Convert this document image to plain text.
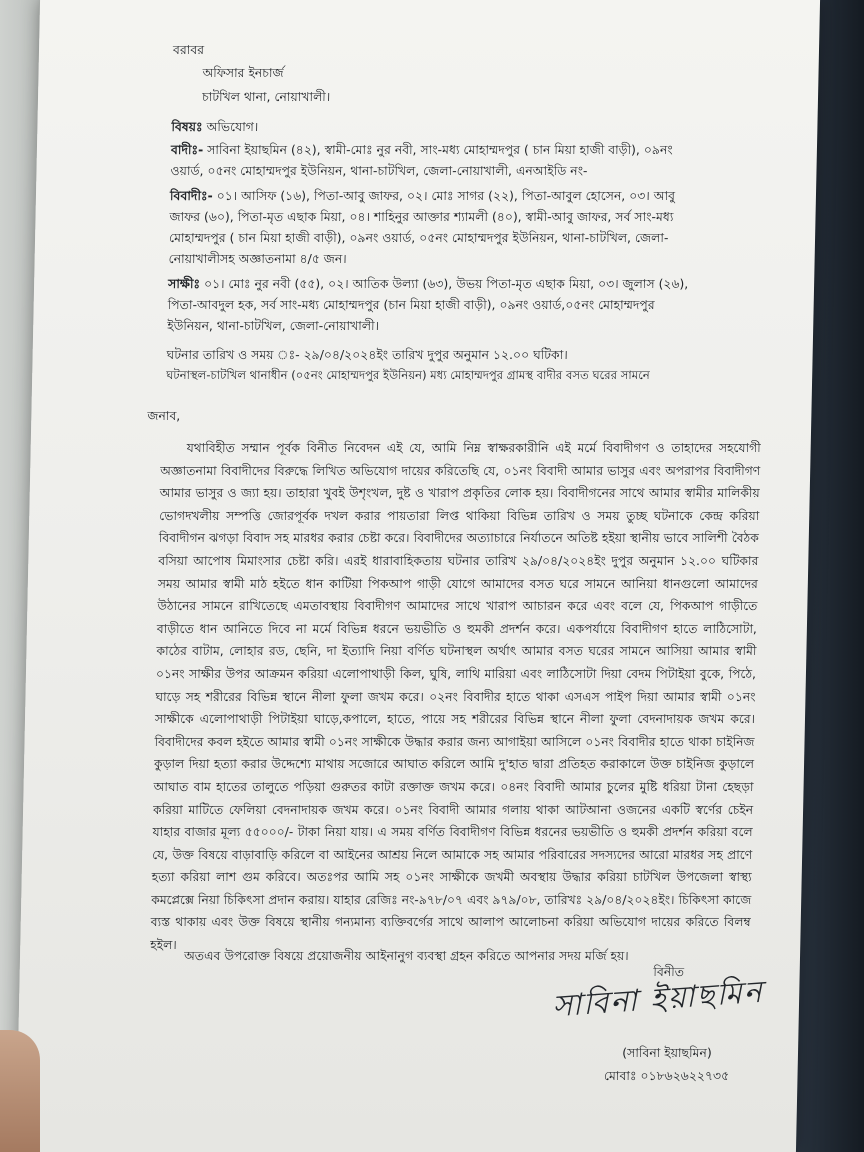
বরাবর
অফিসার ইনচার্জ
চাটখিল থানা, নোয়াখালী।
বিষয়ঃ অভিযোগ।
বাদীঃ- সাবিনা ইয়াছমিন (৪২), স্বামী-মোঃ নুর নবী, সাং-মধ্য মোহাম্মদপুর ( চান মিয়া হাজী বাড়ী), ০৯নং
ওয়ার্ড, ০৫নং মোহাম্মদপুর ইউনিয়ন, থানা-চাটখিল, জেলা-নোয়াখালী, এনআইডি নং-
বিবাদীঃ- ০১। আসিফ (১৬), পিতা-আবু জাফর, ০২। মোঃ সাগর (২২), পিতা-আবুল হোসেন, ০৩। আবু
জাফর (৬০), পিতা-মৃত এছাক মিয়া, ০৪। শাহিনুর আক্তার শ্যামলী (৪০), স্বামী-আবু জাফর, সর্ব সাং-মধ্য
মোহাম্মদপুর ( চান মিয়া হাজী বাড়ী), ০৯নং ওয়ার্ড, ০৫নং মোহাম্মদপুর ইউনিয়ন, থানা-চাটখিল, জেলা-
নোয়াখালীসহ অজ্ঞাতনামা ৪/৫ জন।
সাক্ষীঃ ০১। মোঃ নুর নবী (৫৫), ০২। আতিক উল্যা (৬৩), উভয় পিতা-মৃত এছাক মিয়া, ০৩। জুলাস (২৬),
পিতা-আবদুল হক, সর্ব সাং-মধ্য মোহাম্মদপুর (চান মিয়া হাজী বাড়ী), ০৯নং ওয়ার্ড,০৫নং মোহাম্মদপুর
ইউনিয়ন, থানা-চাটখিল, জেলা-নোয়াখালী।
ঘটনার তারিখ ও সময় ঃ- ২৯/০৪/২০২৪ইং তারিখ দুপুর অনুমান ১২.০০ ঘটিকা।
ঘটনাস্থল-চাটখিল থানাধীন (০৫নং মোহাম্মদপুর ইউনিয়ন) মধ্য মোহাম্মদপুর গ্রামস্থ বাদীর বসত ঘরের সামনে
জনাব,
যথাবিহীত সম্মান পূর্বক বিনীত নিবেদন এই যে, আমি নিম্ন স্বাক্ষরকারীনি এই মর্মে বিবাদীগণ ও তাহাদের সহযোগী অজ্ঞাতনামা বিবাদীদের বিরুদ্ধে লিখিত অভিযোগ দায়ের করিতেছি যে, ০১নং বিবাদী আমার ভাসুর এবং অপরাপর বিবাদীগণ আমার ভাসুর ও জ্যা হয়। তাহারা খুবই উশৃংখল, দুষ্ট ও খারাপ প্রকৃতির লোক হয়। বিবাদীগনের সাথে আমার স্বামীর মালিকীয় ভোগদখলীয় সম্পত্তি জোরপূর্বক দখল করার পায়তারা লিপ্ত থাকিয়া বিভিন্ন তারিখ ও সময় তুচ্ছ ঘটনাকে কেন্দ্র করিয়া বিবাদীগন ঝগড়া বিবাদ সহ মারধর করার চেষ্টা করে। বিবাদীদের অত্যাচারে নির্যাতনে অতিষ্ট হইয়া স্থানীয় ভাবে সালিশী বৈঠক বসিয়া আপোষ মিমাংসার চেষ্টা করি। এরই ধারাবাহিকতায় ঘটনার তারিখ ২৯/০৪/২০২৪ইং দুপুর অনুমান ১২.০০ ঘটিকার সময় আমার স্বামী মাঠ হইতে ধান কাটিয়া পিকআপ গাড়ী যোগে আমাদের বসত ঘরে সামনে আনিয়া ধানগুলো আমাদের উঠানের সামনে রাখিতেছে এমতাবস্থায় বিবাদীগণ আমাদের সাথে খারাপ আচারন করে এবং বলে যে, পিকআপ গাড়ীতে বাড়ীতে ধান আনিতে দিবে না মর্মে বিভিন্ন ধরনে ভয়ভীতি ও হুমকী প্রদর্শন করে। একপর্যায়ে বিবাদীগণ হাতে লাঠিসোটা, কাঠের বাটাম, লোহার রড, ছেনি, দা ইত্যাদি নিয়া বর্ণিত ঘটনাস্থল অর্থাৎ আমার বসত ঘরের সামনে আসিয়া আমার স্বামী ০১নং সাক্ষীর উপর আক্রমন করিয়া এলোপাথাড়ী কিল, ঘুষি, লাথি মারিয়া এবং লাঠিসোটা দিয়া বেদম পিটাইয়া বুকে, পিঠে, ঘাড়ে সহ শরীরের বিভিন্ন স্থানে নীলা ফুলা জখম করে। ০২নং বিবাদীর হাতে থাকা এসএস পাইপ দিয়া আমার স্বামী ০১নং সাক্ষীকে এলোপাথাড়ী পিটাইয়া ঘাড়ে,কপালে, হাতে, পায়ে সহ শরীরের বিভিন্ন স্থানে নীলা ফুলা বেদনাদায়ক জখম করে। বিবাদীদের কবল হইতে আমার স্বামী ০১নং সাক্ষীকে উদ্ধার করার জন্য আগাইয়া আসিলে ০১নং বিবাদীর হাতে থাকা চাইনিজ কুড়াল দিয়া হত্যা করার উদ্দেশ্যে মাথায় সজোরে আঘাত করিলে আমি দু'হাত দ্বারা প্রতিহত করাকালে উক্ত চাইনিজ কুড়ালে আঘাত বাম হাতের তালুতে পড়িয়া গুরুতর কাটা রক্তাক্ত জখম করে। ০৪নং বিবাদী আমার চুলের মুষ্টি ধরিয়া টানা হেছড়া করিয়া মাটিতে ফেলিয়া বেদনাদায়ক জখম করে। ০১নং বিবাদী আমার গলায় থাকা আটআনা ওজনের একটি স্বর্ণের চেইন যাহার বাজার মূল্য ৫৫০০০/- টাকা নিয়া যায়। এ সময় বর্ণিত বিবাদীগণ বিভিন্ন ধরনের ভয়ভীতি ও হুমকী প্রদর্শন করিয়া বলে যে, উক্ত বিষয়ে বাড়াবাড়ি করিলে বা আইনের আশ্রয় নিলে আমাকে সহ আমার পরিবারের সদস্যদের আরো মারধর সহ প্রাণে হত্যা করিয়া লাশ গুম করিবে। অতঃপর আমি সহ ০১নং সাক্ষীকে জখমী অবস্থায় উদ্ধার করিয়া চাটখিল উপজেলা স্বাস্থ্য কমপ্লেক্সে নিয়া চিকিৎসা প্রদান করায়। যাহার রেজিঃ নং-৯৭৮/০৭ এবং ৯৭৯/০৮, তারিখঃ ২৯/০৪/২০২৪ইং। চিকিৎসা কাজে ব্যস্ত থাকায় এবং উক্ত বিষয়ে স্থানীয় গন্যমান্য ব্যক্তিবর্গের সাথে আলাপ আলোচনা করিয়া অভিযোগ দায়ের করিতে বিলম্ব হইল।
অতএব উপরোক্ত বিষয়ে প্রয়োজনীয় আইনানুগ ব্যবস্থা গ্রহন করিতে আপনার সদয় মর্জি হয়।
বিনীত
সাবিনা ইয়াছমিন
(সাবিনা ইয়াছমিন)
মোবাঃ ০১৮৬২৬২২৭৩৫
